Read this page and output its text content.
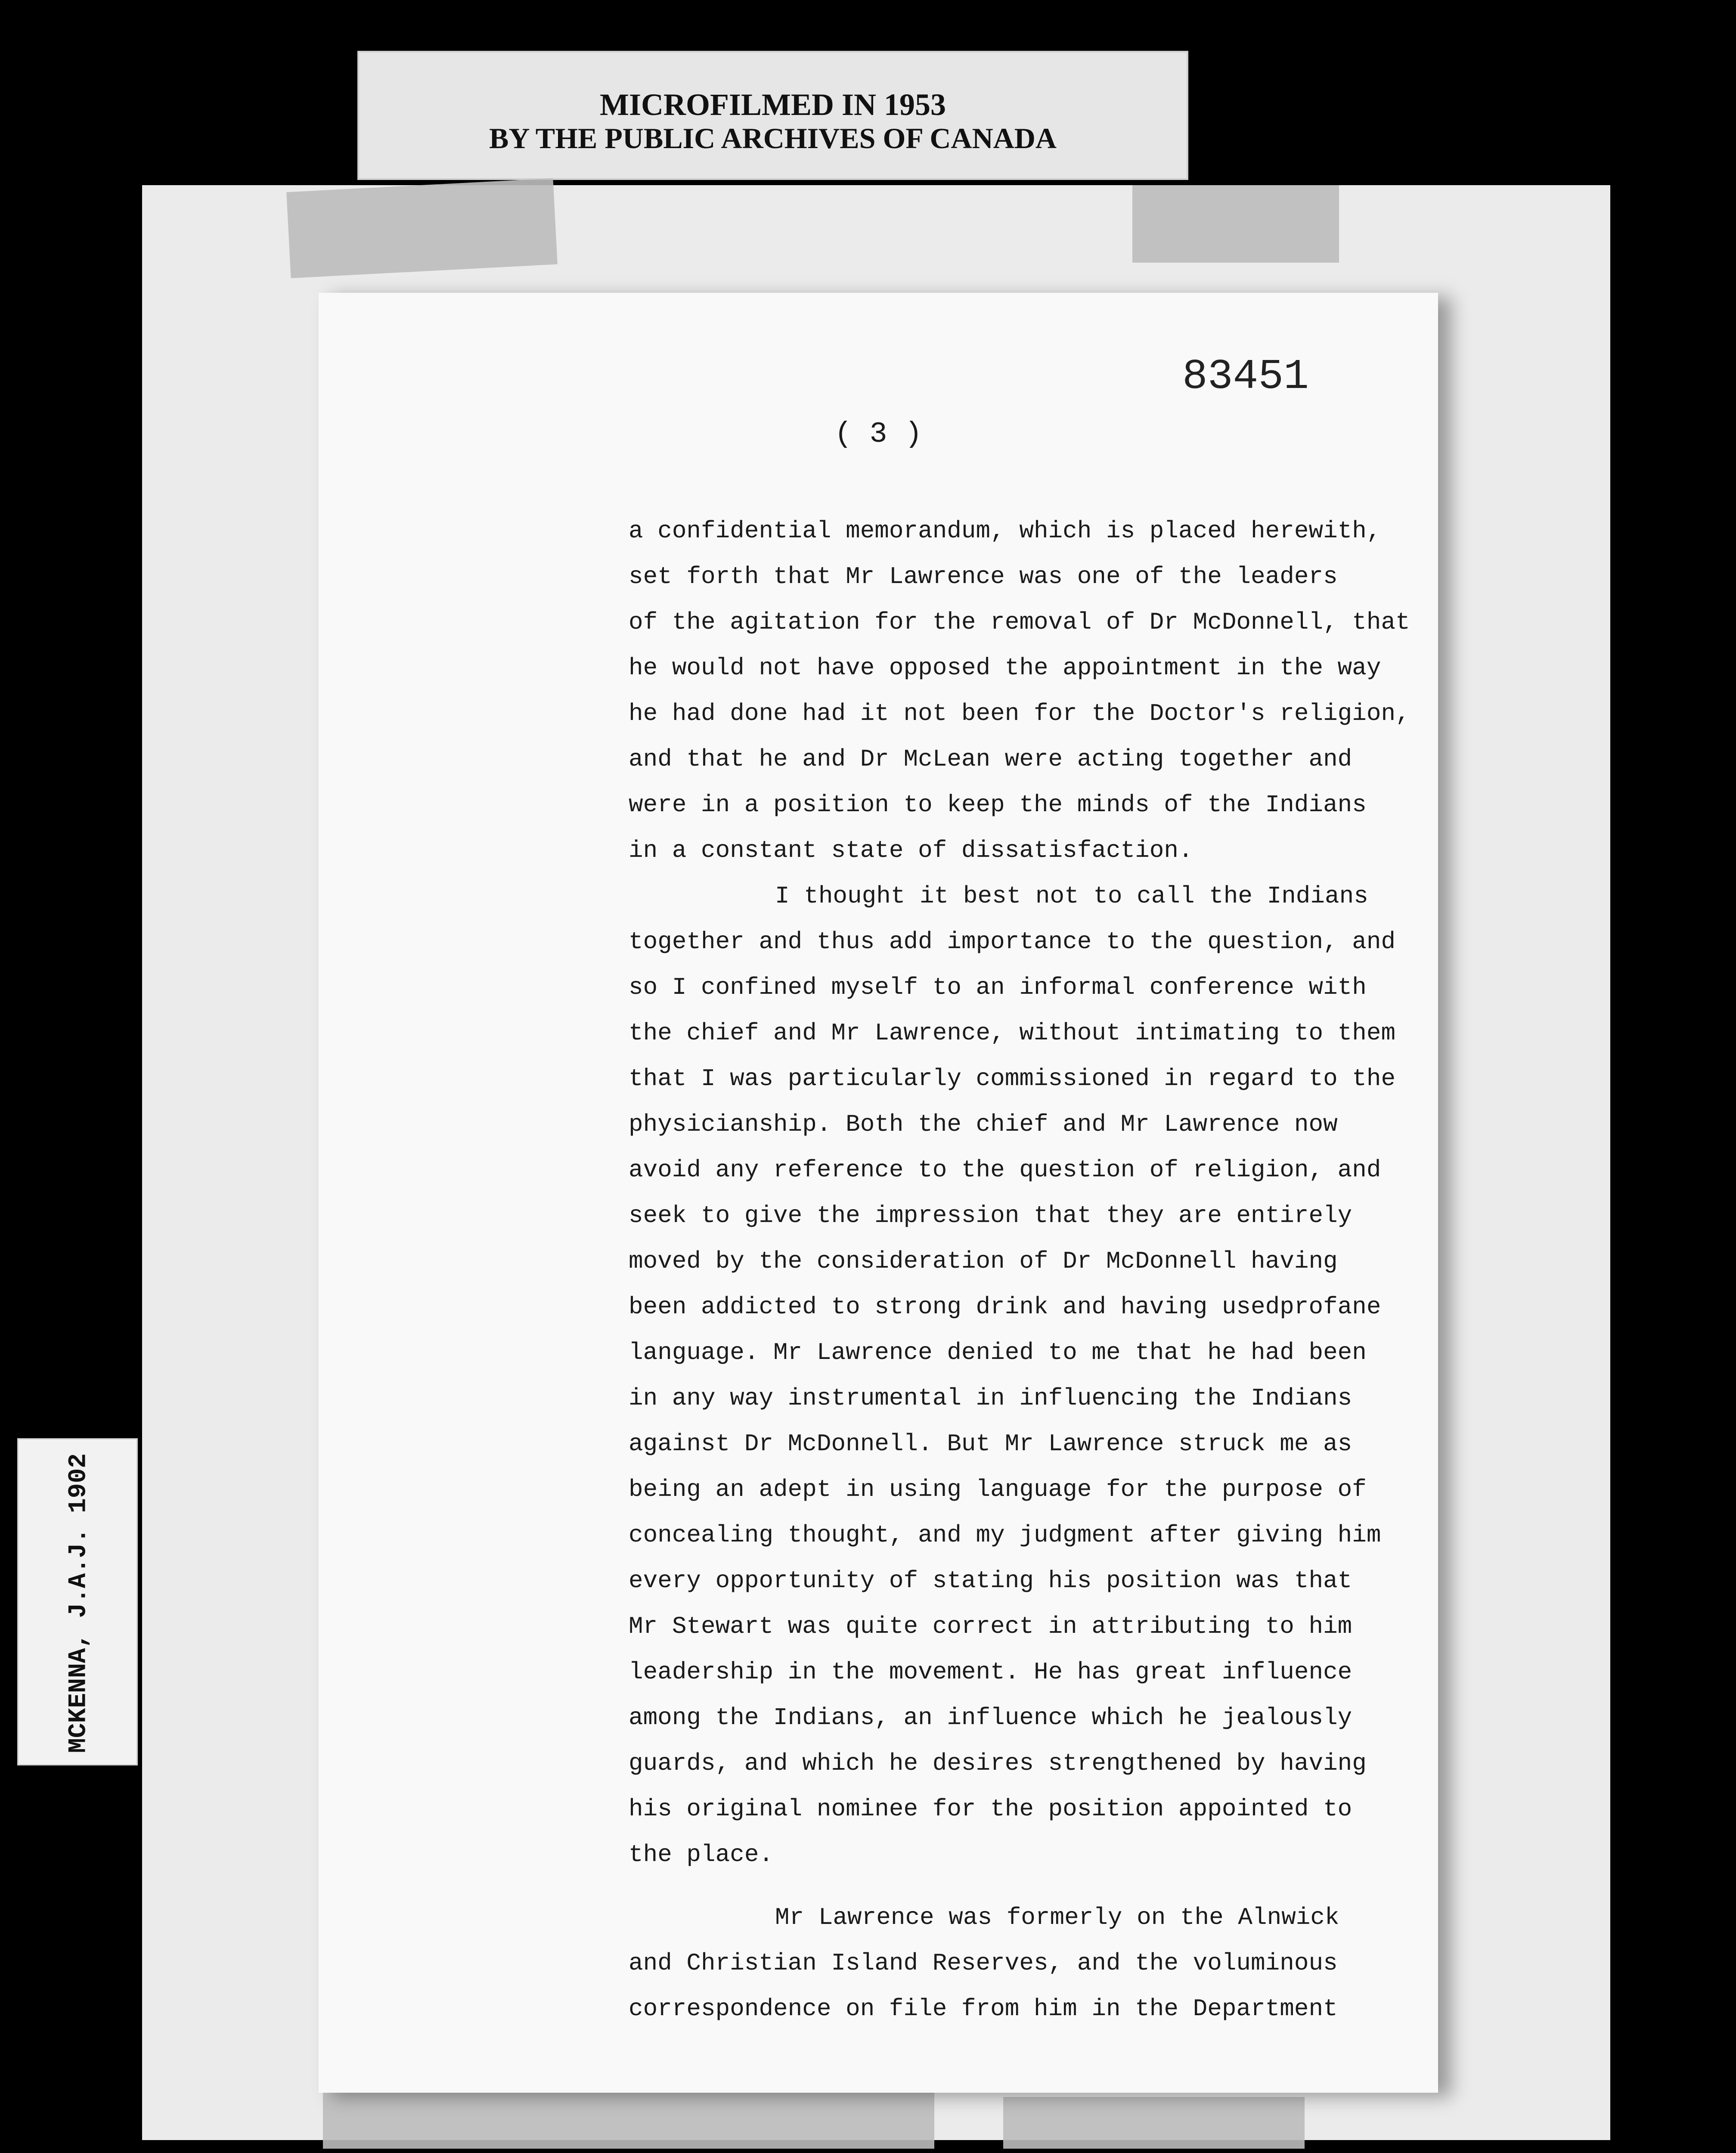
MICROFILMED IN 1953
BY THE PUBLIC ARCHIVES OF CANADA
MCKENNA, J.A.J. 1902
83451
( 3 )
a confidential memorandum, which is placed herewith,
set forth that Mr Lawrence was one of the leaders
of the agitation for the removal of Dr McDonnell, that
he would not have opposed the appointment in the way
he had done had it not been for the Doctor's religion,
and that he and Dr McLean were acting together and
were in a position to keep the minds of the Indians
in a constant state of dissatisfaction.
I thought it best not to call the Indians
together and thus add importance to the question, and
so I confined myself to an informal conference with
the chief and Mr Lawrence, without intimating to them
that I was particularly commissioned in regard to the
physicianship. Both the chief and Mr Lawrence now
avoid any reference to the question of religion, and
seek to give the impression that they are entirely
moved by the consideration of Dr McDonnell having
been addicted to strong drink and having usedprofane
language. Mr Lawrence denied to me that he had been
in any way instrumental in influencing the Indians
against Dr McDonnell. But Mr Lawrence struck me as
being an adept in using language for the purpose of
concealing thought, and my judgment after giving him
every opportunity of stating his position was that
Mr Stewart was quite correct in attributing to him
leadership in the movement. He has great influence
among the Indians, an influence which he jealously
guards, and which he desires strengthened by having
his original nominee for the position appointed to
the place.
Mr Lawrence was formerly on the Alnwick
and Christian Island Reserves, and the voluminous
correspondence on file from him in the Department
